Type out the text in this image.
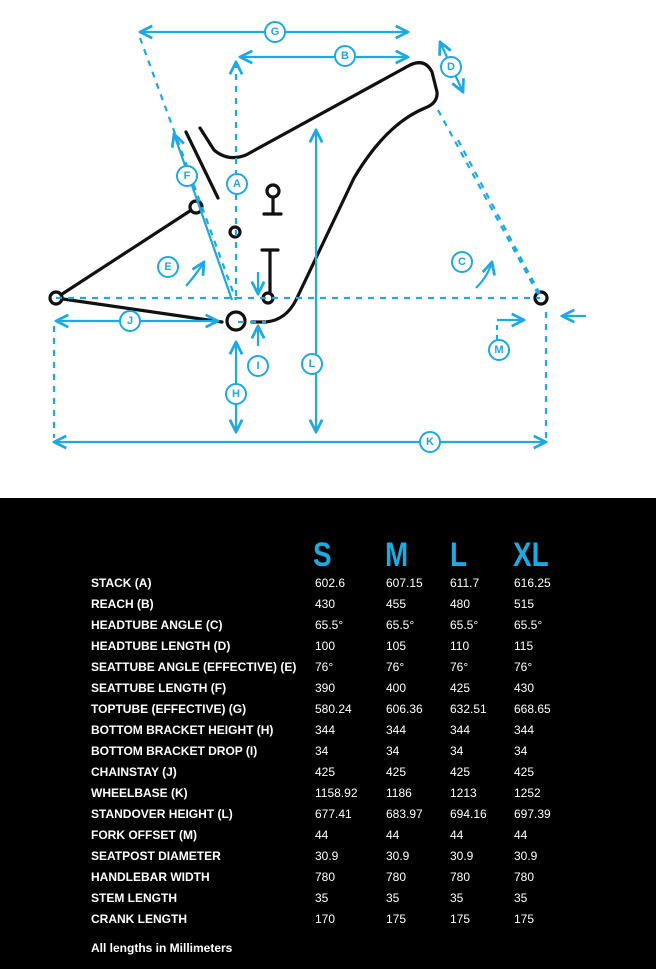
G
B
D
F
A
E	C
J
M
I
H
L
K
S M L XL
STACK (A)	602.6	607.15 611.7	616.25
REACH (B)	430	455	480	515
HEADTUBE ANGLE (C)	65.5°	65.5°	65.5°	65.5°
HEADTUBE LENGTH (D)	100	105	110	115
SEATTUBE ANGLE (EFFECTIVE) (E) 76°	76°	76°	76°
SEATTUBE LENGTH (F)	390	400	425	430
TOPTUBE (EFFECTIVE) (G)	580.24	606.36 632.51 668.65
BOTTOM BRACKET HEIGHT (H)	344	344	344	344
BOTTOM BRACKET DROP (I)	34	34	34	34
CHAINSTAY (J)	425	425	425	425
WHEELBASE (K)	1158.92 1186	1213	1252
STANDOVER HEIGHT (L)	677.41	683.97 694.16 697.39
FORK OFFSET (M)	44	44	44	44
SEATPOST DIAMETER	30.9	30.9	30.9	30.9
HANDLEBAR WIDTH	780	780	780	780
STEM LENGTH	35	35	35	35
CRANK LENGTH	170	175	175	175
All lengths in Millimeters
